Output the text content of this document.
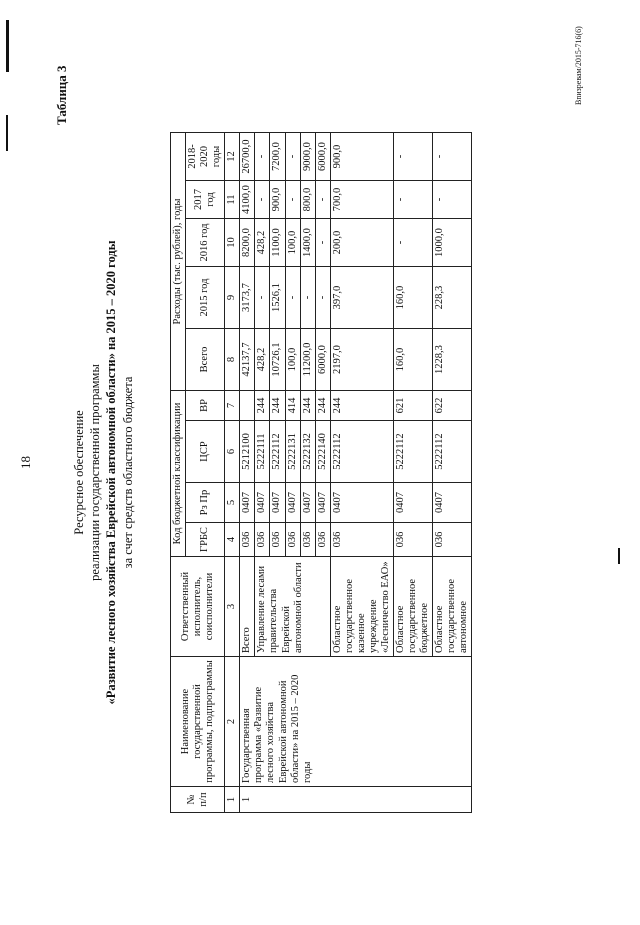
18
Таблица 3
Ресурсное обеспечение реализации государственной программы «Развитие лесного хозяйства Еврейской автономной области» на 2015 – 2020 годы за счет средств областного бюджета
№ п/п	Наименование государственной программы, подпрограммы	Ответственный исполнитель, соисполнители	Код бюджетной классификации				Расходы (тыс. рублей), годы				
			ГРБС	Рз Пр	ЦСР	ВР	Всего	2015 год	2016 год	2017 год	2018-2020 годы
1	2	3	4	5	6	7	8	9	10	11	12
1	Государственная программа «Развитие лесного хозяйства Еврейской автономной области» на 2015 – 2020 годы	Всего	036	0407	5212100		42137,7	3173,7	8200,0	4100,0	26700,0
		Управление лесами правительства Еврейской автономной области	036	0407	5222111	244	428,2	-	428,2	-	-
			036	0407	5222112	244	10726,1	1526,1	1100,0	900,0	7200,0
			036	0407	5222131	414	100,0	-	100,0	-	-
			036	0407	5222132	244	11200,0	-	1400,0	800,0	9000,0
			036	0407	5222140	244	6000,0	-	-	-	6000,0
		Областное государственное казенное учреждение «Лесничество ЕАО»	036	0407	5222112	244	2197,0	397,0	200,0	700,0	900,0
		Областное государственное бюджетное	036	0407	5222112	621	160,0	160,0	-	-	-
		Областное государственное автономное	036	0407	5222112	622	1228,3	228,3	1000,0	-	-
Вnизpевам/2015-716(6)
